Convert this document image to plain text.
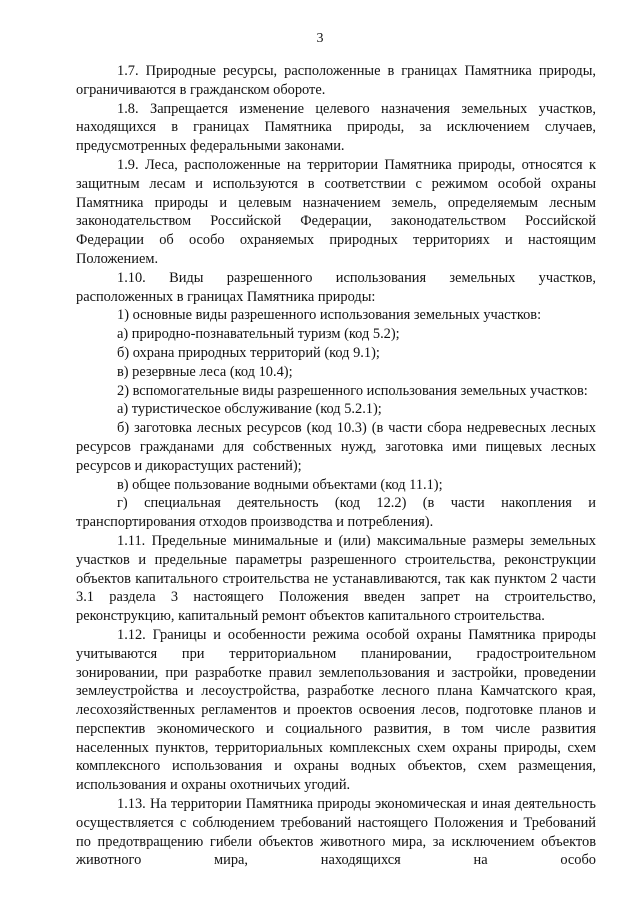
3

1.7. Природные ресурсы, расположенные в границах Памятника природы, ограничиваются в гражданском обороте.

1.8. Запрещается изменение целевого назначения земельных участков, находящихся в границах Памятника природы, за исключением случаев, предусмотренных федеральными законами.

1.9. Леса, расположенные на территории Памятника природы, относятся к защитным лесам и используются в соответствии с режимом особой охраны Памятника природы и целевым назначением земель, определяемым лесным законодательством Российской Федерации, законодательством Российской Федерации об особо охраняемых природных территориях и настоящим Положением.

1.10. Виды разрешенного использования земельных участков, расположенных в границах Памятника природы:

1) основные виды разрешенного использования земельных участков:

а) природно-познавательный туризм (код 5.2);

б) охрана природных территорий (код 9.1);

в) резервные леса (код 10.4);

2) вспомогательные виды разрешенного использования земельных участков:

а) туристическое обслуживание (код 5.2.1);

б) заготовка лесных ресурсов (код 10.3) (в части сбора недревесных лесных ресурсов гражданами для собственных нужд, заготовка ими пищевых лесных ресурсов и дикорастущих растений);

в) общее пользование водными объектами (код 11.1);

г) специальная деятельность (код 12.2) (в части накопления и транспортирования отходов производства и потребления).

1.11. Предельные минимальные и (или) максимальные размеры земельных участков и предельные параметры разрешенного строительства, реконструкции объектов капитального строительства не устанавливаются, так как пунктом 2 части 3.1 раздела 3 настоящего Положения введен запрет на строительство, реконструкцию, капитальный ремонт объектов капитального строительства.

1.12. Границы и особенности режима особой охраны Памятника природы учитываются при территориальном планировании, градостроительном зонировании, при разработке правил землепользования и застройки, проведении землеустройства и лесоустройства, разработке лесного плана Камчатского края, лесохозяйственных регламентов и проектов освоения лесов, подготовке планов и перспектив экономического и социального развития, в том числе развития населенных пунктов, территориальных комплексных схем охраны природы, схем комплексного использования и охраны водных объектов, схем размещения, использования и охраны охотничьих угодий.

1.13. На территории Памятника природы экономическая и иная деятельность осуществляется с соблюдением требований настоящего Положения и Требований по предотвращению гибели объектов животного мира, за исключением объектов животного мира, находящихся на особо
